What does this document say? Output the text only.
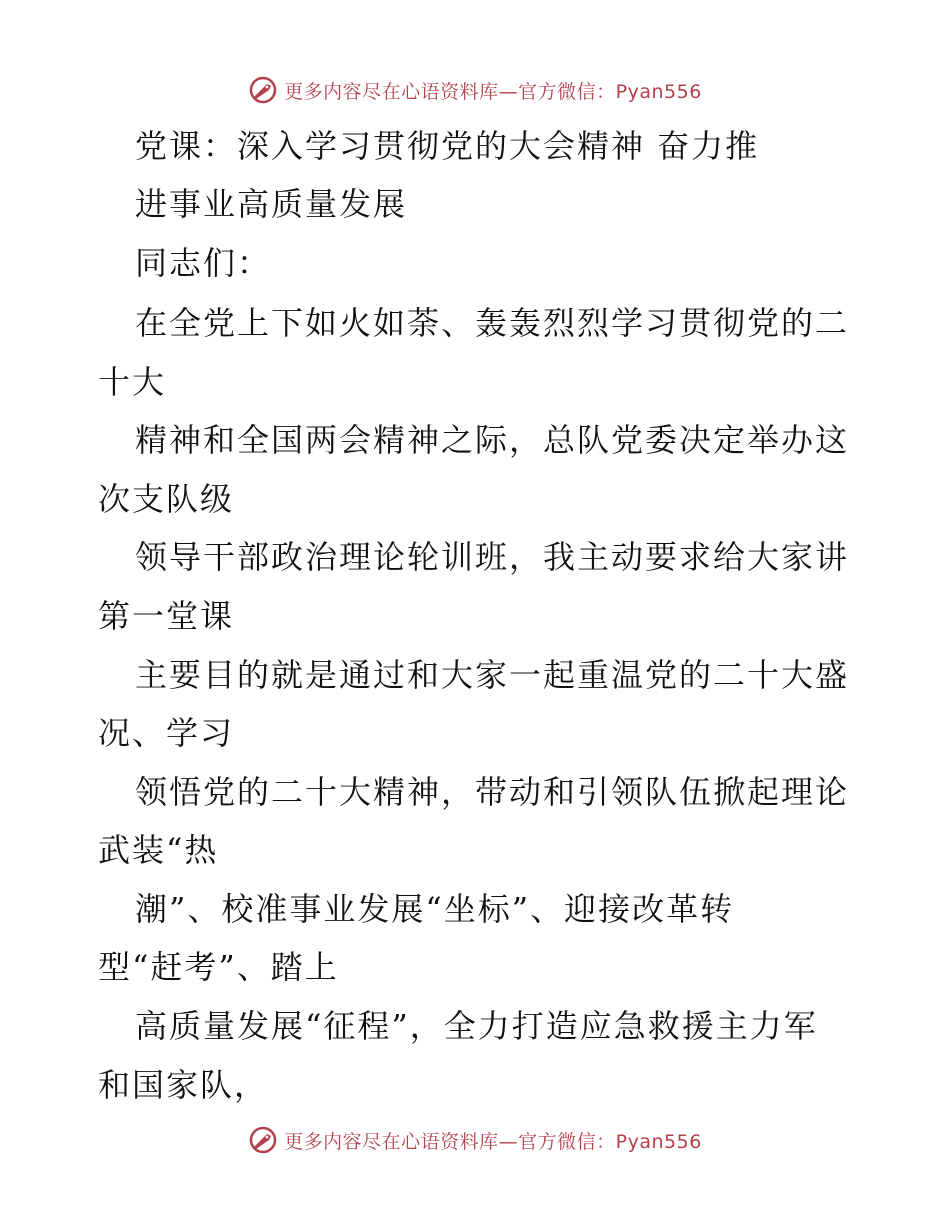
更多内容尽在心语资料库—官方微信：Pyan556
党课：深入学习贯彻党的大会精神 奋力推
进事业高质量发展
同志们：
在全党上下如火如荼、轰轰烈烈学习贯彻党的二
十大
精神和全国两会精神之际，总队党委决定举办这
次支队级
领导干部政治理论轮训班，我主动要求给大家讲
第一堂课
主要目的就是通过和大家一起重温党的二十大盛
况、学习
领悟党的二十大精神，带动和引领队伍掀起理论
武装“热
潮”、校准事业发展“坐标”、迎接改革转
型“赶考”、踏上
高质量发展“征程”，全力打造应急救援主力军
和国家队，
更多内容尽在心语资料库—官方微信：Pyan556
